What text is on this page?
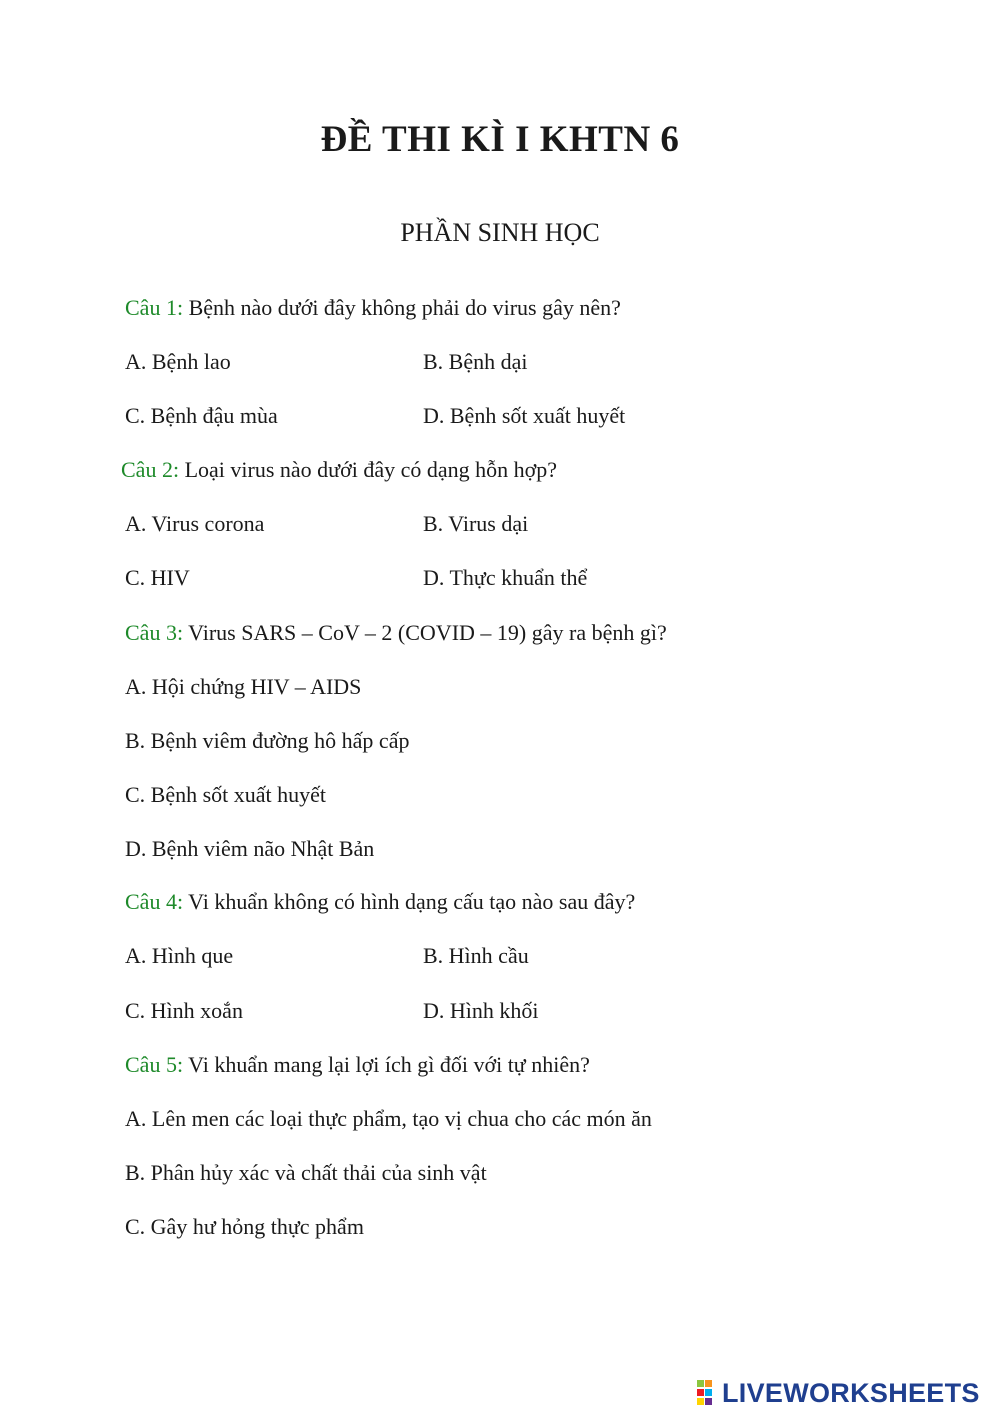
ĐỀ THI KÌ I KHTN 6
PHẦN SINH HỌC
Câu 1: Bệnh nào dưới đây không phải do virus gây nên?
A. Bệnh lao	B. Bệnh dại
C. Bệnh đậu mùa	D. Bệnh sốt xuất huyết
Câu 2: Loại virus nào dưới đây có dạng hỗn hợp?
A. Virus corona	B. Virus dại
C. HIV	D. Thực khuẩn thể
Câu 3: Virus SARS – CoV – 2 (COVID – 19) gây ra bệnh gì?
A. Hội chứng HIV – AIDS
B. Bệnh viêm đường hô hấp cấp
C. Bệnh sốt xuất huyết
D. Bệnh viêm não Nhật Bản
Câu 4: Vi khuẩn không có hình dạng cấu tạo nào sau đây?
A. Hình que	B. Hình cầu
C. Hình xoắn	D. Hình khối
Câu 5: Vi khuẩn mang lại lợi ích gì đối với tự nhiên?
A. Lên men các loại thực phẩm, tạo vị chua cho các món ăn
B. Phân hủy xác và chất thải của sinh vật
C. Gây hư hỏng thực phẩm
LIVEWORKSHEETS
